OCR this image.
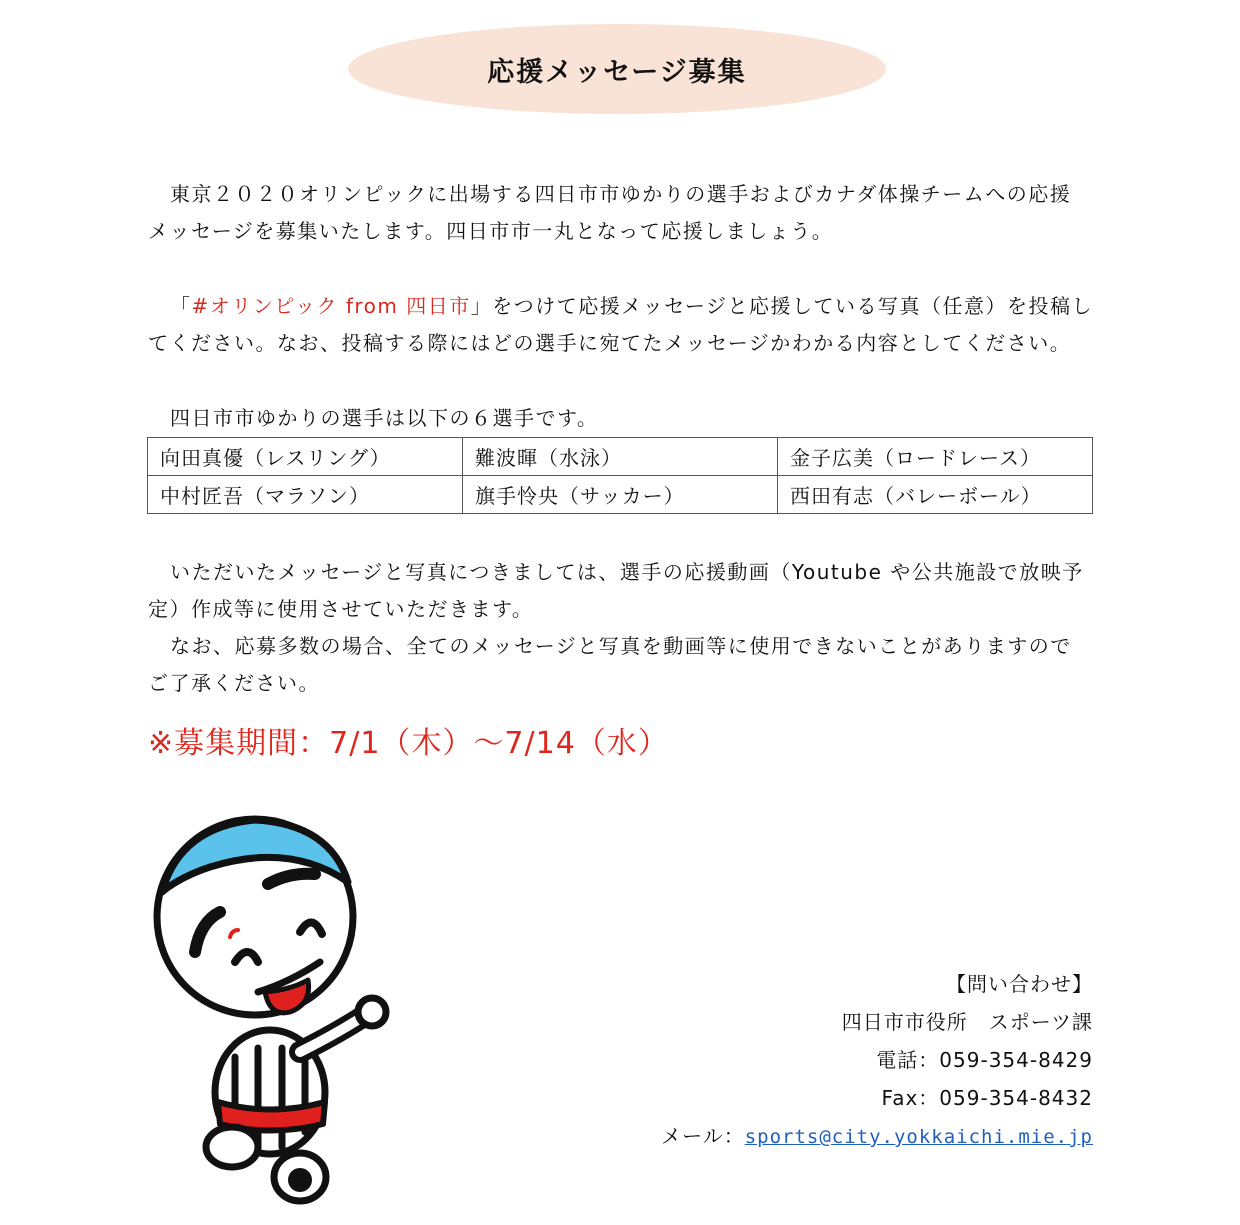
応援メッセージ募集
東京２０２０オリンピックに出場する四日市市ゆかりの選手およびカナダ体操チームへの応援
メッセージを募集いたします。四日市市一丸となって応援しましょう。
「#オリンピック from 四日市」をつけて応援メッセージと応援している写真（任意）を投稿し
てください。なお、投稿する際にはどの選手に宛てたメッセージかわかる内容としてください。
四日市市ゆかりの選手は以下の６選手です。
向田真優（レスリング）	難波暉（水泳）	金子広美（ロードレース）
中村匠吾（マラソン）	旗手怜央（サッカー）	西田有志（バレーボール）
いただいたメッセージと写真につきましては、選手の応援動画（Youtube や公共施設で放映予
定）作成等に使用させていただきます。
なお、応募多数の場合、全てのメッセージと写真を動画等に使用できないことがありますので
ご了承ください。

※募集期間：7/1（木）～7/14（水）

【問い合わせ】
四日市市役所　スポーツ課
電話：059-354-8429
Fax：059-354-8432
メール：sports@city.yokkaichi.mie.jp
